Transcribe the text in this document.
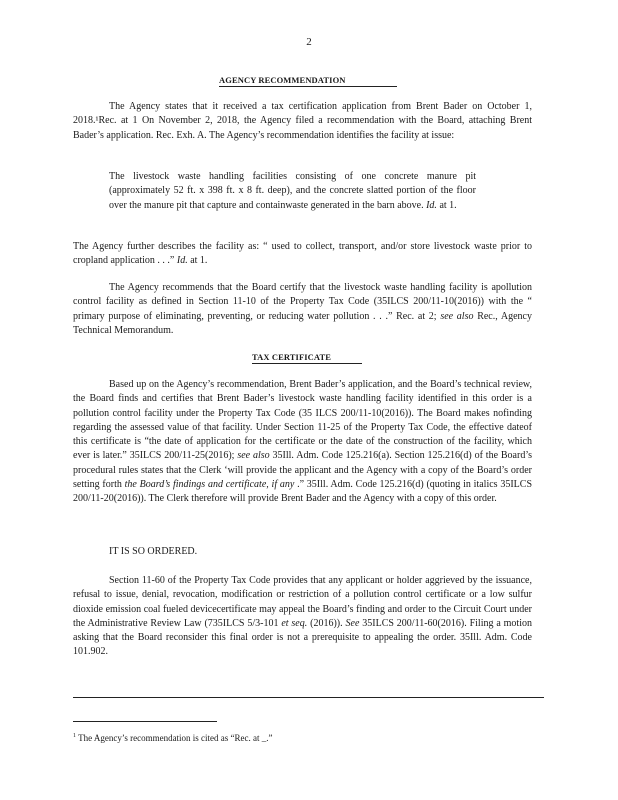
2
AGENCY RECOMMENDATION

The Agency states that it received a tax certification application from Brent Bader on October 1, 2018.¹Rec. at 1 On November 2, 2018, the Agency filed a recommendation with the Board, attaching Brent Bader’s application. Rec. Exh. A. The Agency’s recommendation identifies the facility at issue:

The livestock waste handling facilities consisting of one concrete manure pit (approximately 52 ft. x 398 ft. x 8 ft. deep), and the concrete slatted portion of the floor over the manure pit that capture and containwaste generated in the barn above. Id. at 1.

The Agency further describes the facility as: “ used to collect, transport, and/or store livestock waste prior to cropland application . . .” Id. at 1.

The Agency recommends that the Board certify that the livestock waste handling facility is apollution control facility as defined in Section 11-10 of the Property Tax Code (35ILCS 200/11-10(2016)) with the “ primary purpose of eliminating, preventing, or reducing water pollution . . .” Rec. at 2; see also Rec., Agency Technical Memorandum.

TAX CERTIFICATE

Based up on the Agency’s recommendation, Brent Bader’s application, and the Board’s technical review, the Board finds and certifies that Brent Bader’s livestock waste handling facility identified in this order is a pollution control facility under the Property Tax Code (35 ILCS 200/11-10(2016)). The Board makes nofinding regarding the assessed value of that facility. Under Section 11-25 of the Property Tax Code, the effective dateof this certificate is “the date of application for the certificate or the date of the construction of the facility, which ever is later.” 35ILCS 200/11-25(2016); see also 35Ill. Adm. Code 125.216(a). Section 125.216(d) of the Board’s procedural rules states that the Clerk ‘will provide the applicant and the Agency with a copy of the Board’s order setting forth the Board’s findings and certificate, if any .” 35Ill. Adm. Code 125.216(d) (quoting in italics 35ILCS 200/11-20(2016)). The Clerk therefore will provide Brent Bader and the Agency with a copy of this order.

IT IS SO ORDERED.

Section 11-60 of the Property Tax Code provides that any applicant or holder aggrieved by the issuance, refusal to issue, denial, revocation, modification or restriction of a pollution control certificate or a low sulfur dioxide emission coal fueled devicecertificate may appeal the Board’s finding and order to the Circuit Court under the Administrative Review Law (735ILCS 5/3-101 et seq. (2016)). See 35ILCS 200/11-60(2016). Filing a motion asking that the Board reconsider this final order is not a prerequisite to appealing the order. 35Ill. Adm. Code 101.902.

$^1$ The Agency’s recommendation is cited as “Rec. at _.”
